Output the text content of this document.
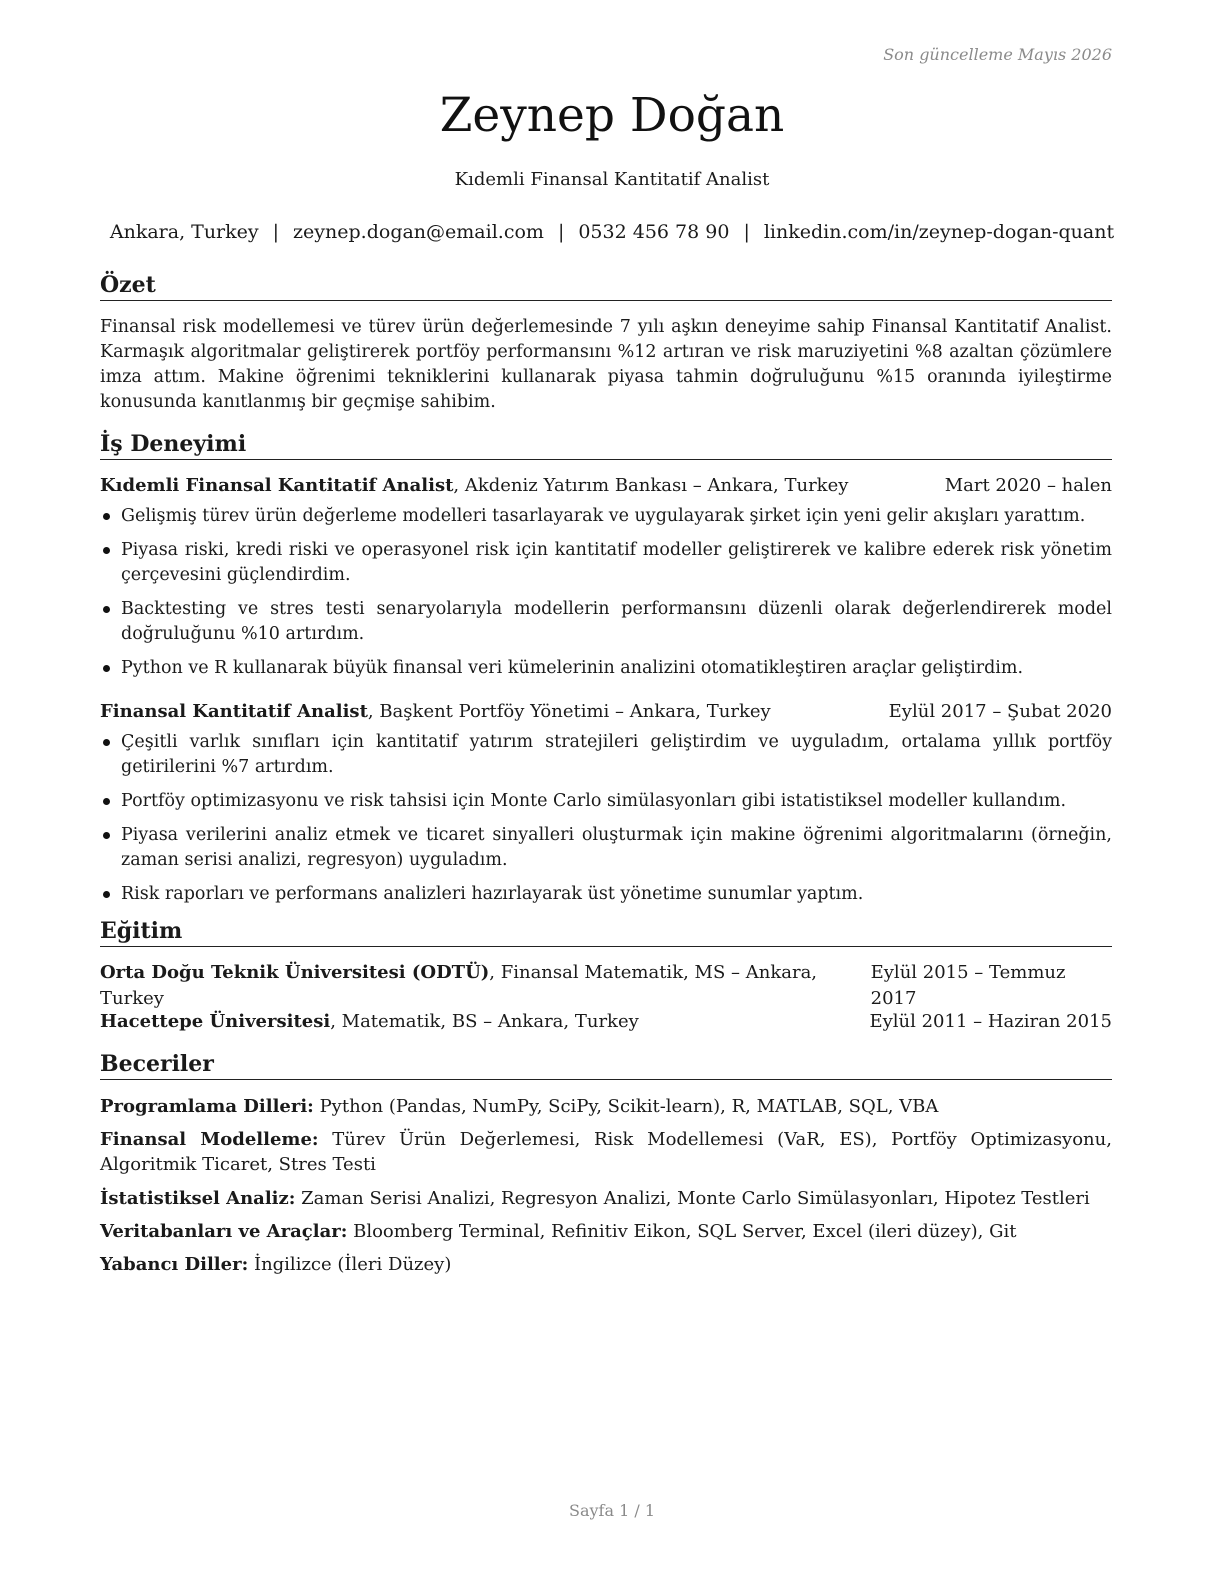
Son güncelleme Mayıs 2026
Zeynep Doğan
Kıdemli Finansal Kantitatif Analist
Ankara, Turkey | zeynep.dogan@email.com | 0532 456 78 90 | linkedin.com/in/zeynep-dogan-quant
Özet
Finansal risk modellemesi ve türev ürün değerlemesinde 7 yılı aşkın deneyime sahip Finansal Kantitatif Analist. Karmaşık algoritmalar geliştirerek portföy performansını %12 artıran ve risk maruziyetini %8 azaltan çözümlere imza attım. Makine öğrenimi tekniklerini kullanarak piyasa tahmin doğruluğunu %15 oranında iyileştirme konusunda kanıtlanmış bir geçmişe sahibim.
İş Deneyimi
Kıdemli Finansal Kantitatif Analist, Akdeniz Yatırım Bankası – Ankara, Turkey	Mart 2020 – halen
Gelişmiş türev ürün değerleme modelleri tasarlayarak ve uygulayarak şirket için yeni gelir akışları yarattım.
Piyasa riski, kredi riski ve operasyonel risk için kantitatif modeller geliştirerek ve kalibre ederek risk yönetim çerçevesini güçlendirdim.
Backtesting ve stres testi senaryolarıyla modellerin performansını düzenli olarak değerlendirerek model doğruluğunu %10 artırdım.
Python ve R kullanarak büyük finansal veri kümelerinin analizini otomatikleştiren araçlar geliştirdim.
Finansal Kantitatif Analist, Başkent Portföy Yönetimi – Ankara, Turkey	Eylül 2017 – Şubat 2020
Çeşitli varlık sınıfları için kantitatif yatırım stratejileri geliştirdim ve uyguladım, ortalama yıllık portföy getirilerini %7 artırdım.
Portföy optimizasyonu ve risk tahsisi için Monte Carlo simülasyonları gibi istatistiksel modeller kullandım.
Piyasa verilerini analiz etmek ve ticaret sinyalleri oluşturmak için makine öğrenimi algoritmalarını (örneğin, zaman serisi analizi, regresyon) uyguladım.
Risk raporları ve performans analizleri hazırlayarak üst yönetime sunumlar yaptım.
Eğitim
Orta Doğu Teknik Üniversitesi (ODTÜ), Finansal Matematik, MS – Ankara, Turkey
Eylül 2015 – Temmuz 2017
Hacettepe Üniversitesi, Matematik, BS – Ankara, Turkey	Eylül 2011 – Haziran 2015
Beceriler
Programlama Dilleri: Python (Pandas, NumPy, SciPy, Scikit-learn), R, MATLAB, SQL, VBA
Finansal Modelleme: Türev Ürün Değerlemesi, Risk Modellemesi (VaR, ES), Portföy Optimizasyonu, Algoritmik Ticaret, Stres Testi
İstatistiksel Analiz: Zaman Serisi Analizi, Regresyon Analizi, Monte Carlo Simülasyonları, Hipotez Testleri
Veritabanları ve Araçlar: Bloomberg Terminal, Refinitiv Eikon, SQL Server, Excel (ileri düzey), Git
Yabancı Diller: İngilizce (İleri Düzey)
Sayfa 1 / 1
